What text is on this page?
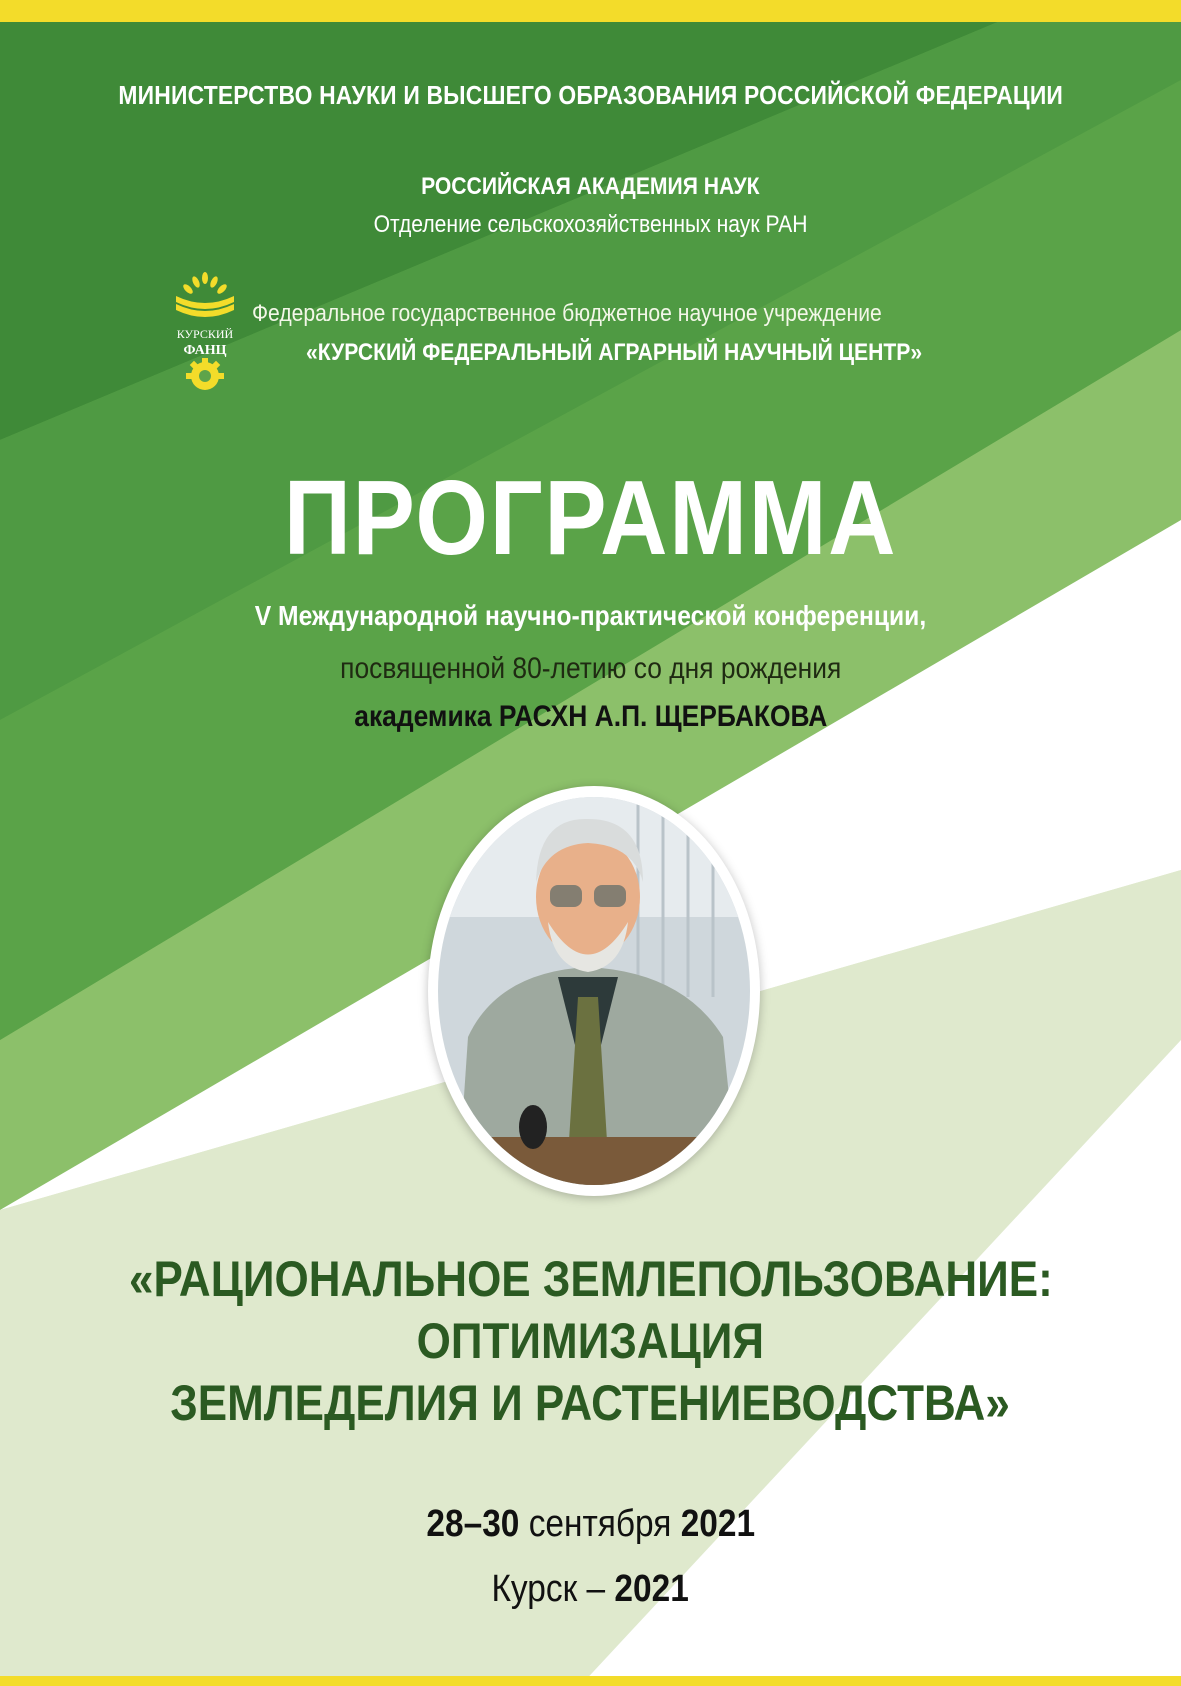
МИНИСТЕРСТВО НАУКИ И ВЫСШЕГО ОБРАЗОВАНИЯ РОССИЙСКОЙ ФЕДЕРАЦИИ
РОССИЙСКАЯ АКАДЕМИЯ НАУК
Отделение сельскохозяйственных наук РАН
КУРСКИЙ
ФАНЦ
Федеральное государственное бюджетное научное учреждение
«КУРСКИЙ ФЕДЕРАЛЬНЫЙ АГРАРНЫЙ НАУЧНЫЙ ЦЕНТР»
ПРОГРАММА
V Международной научно-практической конференции,
посвященной 80-летию со дня рождения
академика РАСХН А.П. ЩЕРБАКОВА
«РАЦИОНАЛЬНОЕ ЗЕМЛЕПОЛЬЗОВАНИЕ:
ОПТИМИЗАЦИЯ
ЗЕМЛЕДЕЛИЯ И РАСТЕНИЕВОДСТВА»
28–30 сентября 2021
Курск – 2021
